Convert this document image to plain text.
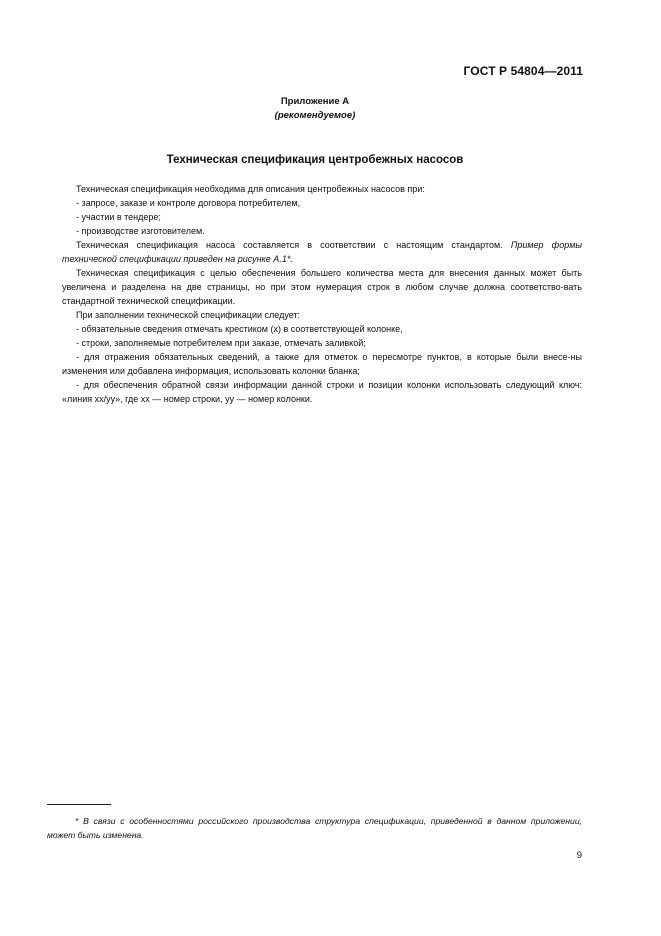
ГОСТ Р 54804—2011
Приложение А
(рекомендуемое)
Техническая спецификация центробежных насосов

Техническая спецификация необходима для описания центробежных насосов при:

- запросе, заказе и контроле договора потребителем,

- участии в тендере;

- производстве изготовителем.

Техническая спецификация насоса составляется в соответствии с настоящим стандартом. Пример формы технической спецификации приведен на рисунке А.1*.

Техническая спецификация с целью обеспечения большего количества места для внесения данных может быть увеличена и разделена на две страницы, но при этом нумерация строк в любом случае должна соответство-вать стандартной технической спецификации.

При заполнении технической спецификации следует:

- обязательные сведения отмечать крестиком (x) в соответствующей колонке,

- строки, заполняемые потребителем при заказе, отмечать заливкой;

- для отражения обязательных сведений, а также для отметок о пересмотре пунктов, в которые были внесе-ны изменения или добавлена информация, использовать колонки бланка;

- для обеспечения обратной связи информации данной строки и позиции колонки использовать следующий ключ: «линия xx/yy», где xx — номер строки, yy — номер колонки.

* В связи с особенностями российского производства структура спецификации, приведенной в данном приложении, может быть изменена.
9
